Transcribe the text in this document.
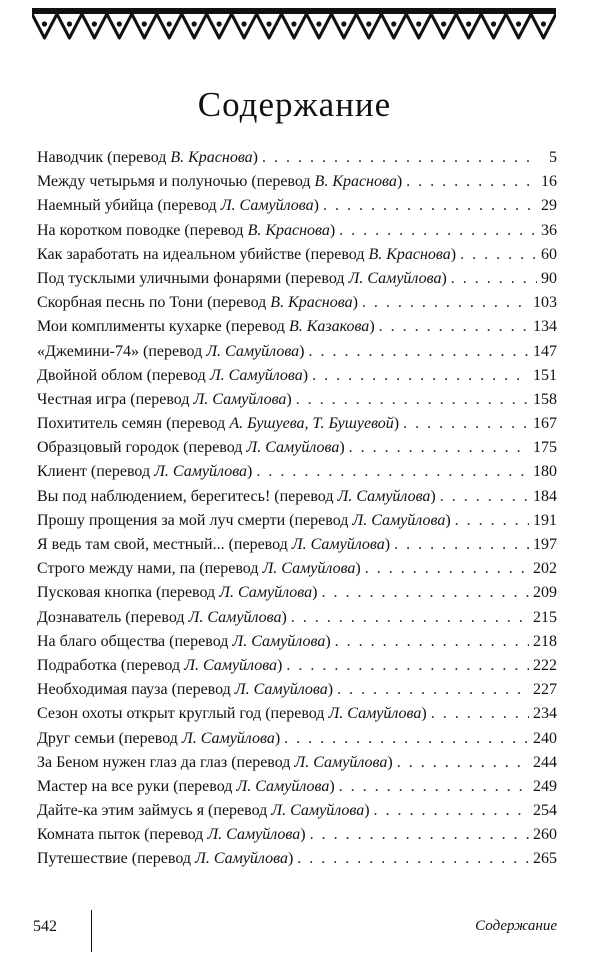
Содержание
Наводчик (перевод В. Краснова) . . .	5
Между четырьмя и полуночью (перевод В. Краснова) . . .	16
Наемный убийца (перевод Л. Самуйлова) . . .	29
На коротком поводке (перевод В. Краснова) . . .	36
Как заработать на идеальном убийстве (перевод В. Краснова) . . .	60
Под тусклыми уличными фонарями (перевод Л. Самуйлова) . . .	90
Скорбная песнь по Тони (перевод В. Краснова) . . .	103
Мои комплименты кухарке (перевод В. Казакова) . . .	134
«Джемини-74» (перевод Л. Самуйлова) . . .	147
Двойной облом (перевод Л. Самуйлова) . . .	151
Честная игра (перевод Л. Самуйлова) . . .	158
Похититель семян (перевод А. Бушуева, Т. Бушуевой) . . .	167
Образцовый городок (перевод Л. Самуйлова) . . .	175
Клиент (перевод Л. Самуйлова) . . .	180
Вы под наблюдением, берегитесь! (перевод Л. Самуйлова) . . .	184
Прошу прощения за мой луч смерти (перевод Л. Самуйлова) . . .	191
Я ведь там свой, местный... (перевод Л. Самуйлова) . . .	197
Строго между нами, па (перевод Л. Самуйлова) . . .	202
Пусковая кнопка (перевод Л. Самуйлова) . . .	209
Дознаватель (перевод Л. Самуйлова) . . .	215
На благо общества (перевод Л. Самуйлова) . . .	218
Подработка (перевод Л. Самуйлова) . . .	222
Необходимая пауза (перевод Л. Самуйлова) . . .	227
Сезон охоты открыт круглый год (перевод Л. Самуйлова) . . .	234
Друг семьи (перевод Л. Самуйлова) . . .	240
За Беном нужен глаз да глаз (перевод Л. Самуйлова) . . .	244
Мастер на все руки (перевод Л. Самуйлова) . . .	249
Дайте-ка этим займусь я (перевод Л. Самуйлова) . . .	254
Комната пыток (перевод Л. Самуйлова) . . .	260
Путешествие (перевод Л. Самуйлова) . . .	265
542	Содержание
